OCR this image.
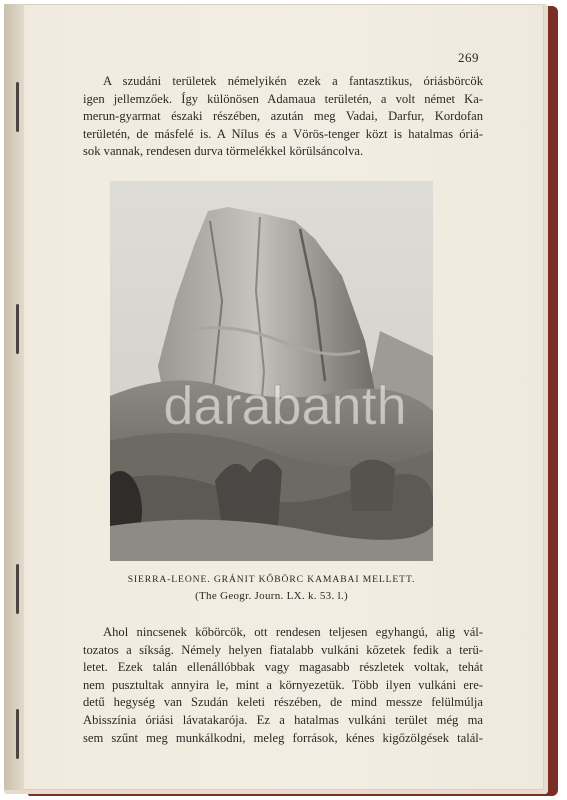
269
A szudáni területek némelyikén ezek a fantasztikus, óriásbörcök
igen jellemzőek. Így különösen Adamaua területén, a volt német Ka-
merun-gyarmat északi részében, azután meg Vadai, Darfur, Kordofan
területén, de másfelé is. A Nílus és a Vörös-tenger közt is hatalmas óriá-
sok vannak, rendesen durva törmelékkel körülsáncolva.
SIERRA-LEONE. GRÁNIT KŐBÖRC KAMABAI MELLETT.
(The Geogr. Journ. LX. k. 53. l.)
Ahol nincsenek kőbörcök, ott rendesen teljesen egyhangú, alig vál-
tozatos a síkság. Némely helyen fiatalabb vulkáni kőzetek fedik a terü-
letet. Ezek talán ellenállóbbak vagy magasabb részletek voltak, tehát
nem pusztultak annyira le, mint a környezetük. Több ilyen vulkáni ere-
detű hegység van Szudán keleti részében, de mind messze felülmúlja
Abisszínia óriási lávatakarója. Ez a hatalmas vulkáni terület még ma
sem szűnt meg munkálkodni, meleg források, kénes kigőzölgések talál-
darabanth
